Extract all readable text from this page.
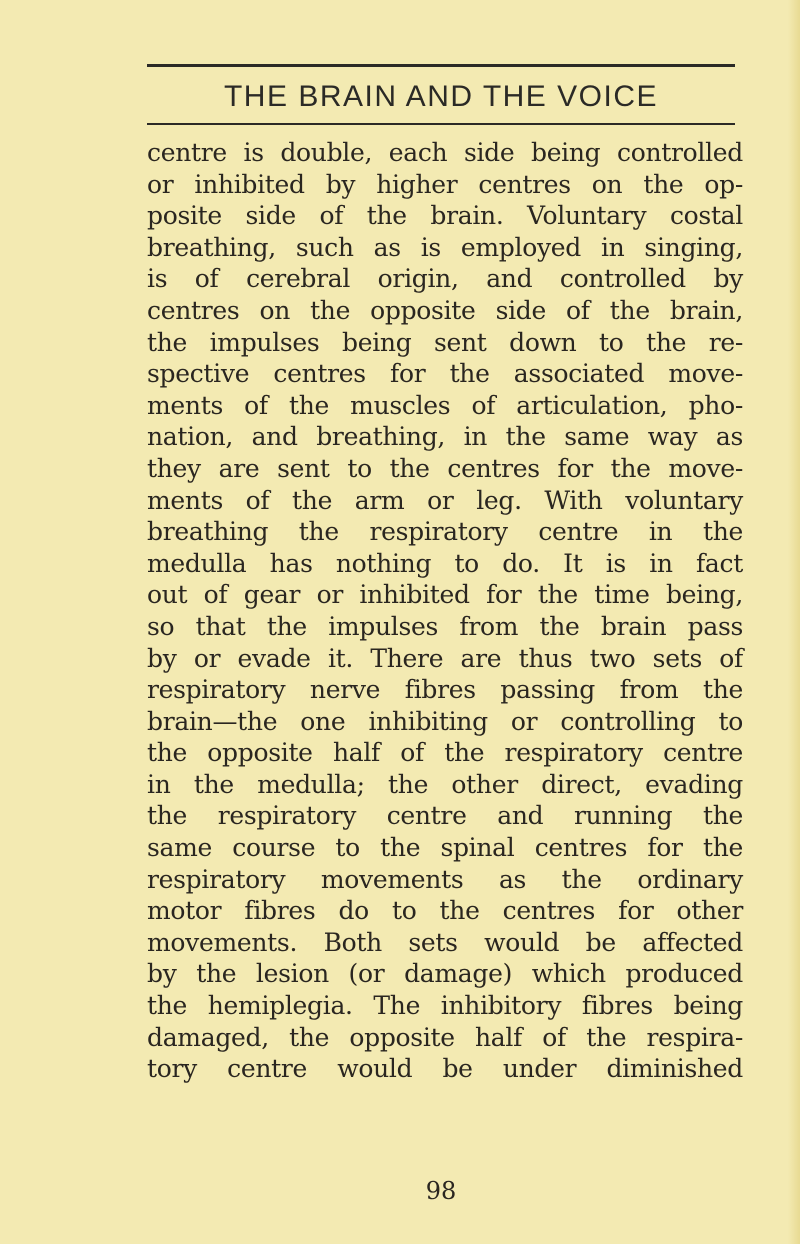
THE BRAIN AND THE VOICE
centre is double, each side being controlled
or inhibited by higher centres on the op-
posite side of the brain. Voluntary costal
breathing, such as is employed in singing,
is of cerebral origin, and controlled by
centres on the opposite side of the brain,
the impulses being sent down to the re-
spective centres for the associated move-
ments of the muscles of articulation, pho-
nation, and breathing, in the same way as
they are sent to the centres for the move-
ments of the arm or leg. With voluntary
breathing the respiratory centre in the
medulla has nothing to do. It is in fact
out of gear or inhibited for the time being,
so that the impulses from the brain pass
by or evade it. There are thus two sets of
respiratory nerve fibres passing from the
brain—the one inhibiting or controlling to
the opposite half of the respiratory centre
in the medulla; the other direct, evading
the respiratory centre and running the
same course to the spinal centres for the
respiratory movements as the ordinary
motor fibres do to the centres for other
movements. Both sets would be affected
by the lesion (or damage) which produced
the hemiplegia. The inhibitory fibres being
damaged, the opposite half of the respira-
tory centre would be under diminished
98
